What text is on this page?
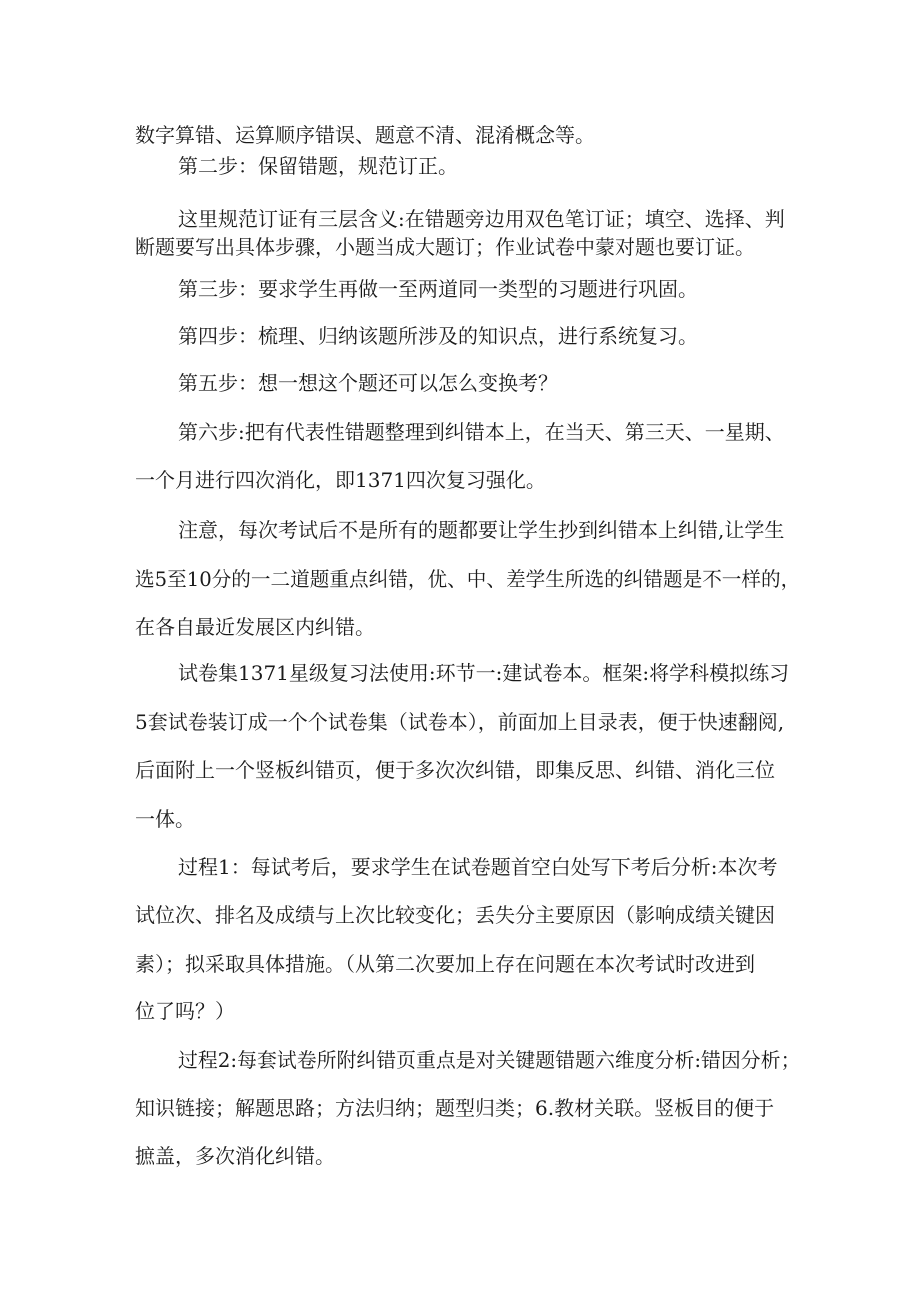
数字算错、运算顺序错误、题意不清、混淆概念等。
第二步：保留错题，规范订正。
这里规范订证有三层含义:在错题旁边用双色笔订证；填空、选择、判
断题要写出具体步骤，小题当成大题订；作业试卷中蒙对题也要订证。
第三步：要求学生再做一至两道同一类型的习题进行巩固。
第四步：梳理、归纳该题所涉及的知识点，进行系统复习。
第五步：想一想这个题还可以怎么变换考？
第六步:把有代表性错题整理到纠错本上，在当天、第三天、一星期、
一个月进行四次消化，即1371四次复习强化。
注意，每次考试后不是所有的题都要让学生抄到纠错本上纠错,让学生
选5至10分的一二道题重点纠错，优、中、差学生所选的纠错题是不一样的，
在各自最近发展区内纠错。
试卷集1371星级复习法使用:环节一:建试卷本。框架:将学科模拟练习
5套试卷装订成一个个试卷集（试卷本），前面加上目录表，便于快速翻阅,
后面附上一个竖板纠错页，便于多次次纠错，即集反思、纠错、消化三位
一体。
过程1：每试考后，要求学生在试卷题首空白处写下考后分析:本次考
试位次、排名及成绩与上次比较变化；丢失分主要原因（影响成绩关键因
素）；拟采取具体措施。（从第二次要加上存在问题在本次考试时改进到
位了吗？）
过程2:每套试卷所附纠错页重点是对关键题错题六维度分析:错因分析；
知识链接；解题思路；方法归纳；题型归类；6.教材关联。竖板目的便于
摭盖，多次消化纠错。
